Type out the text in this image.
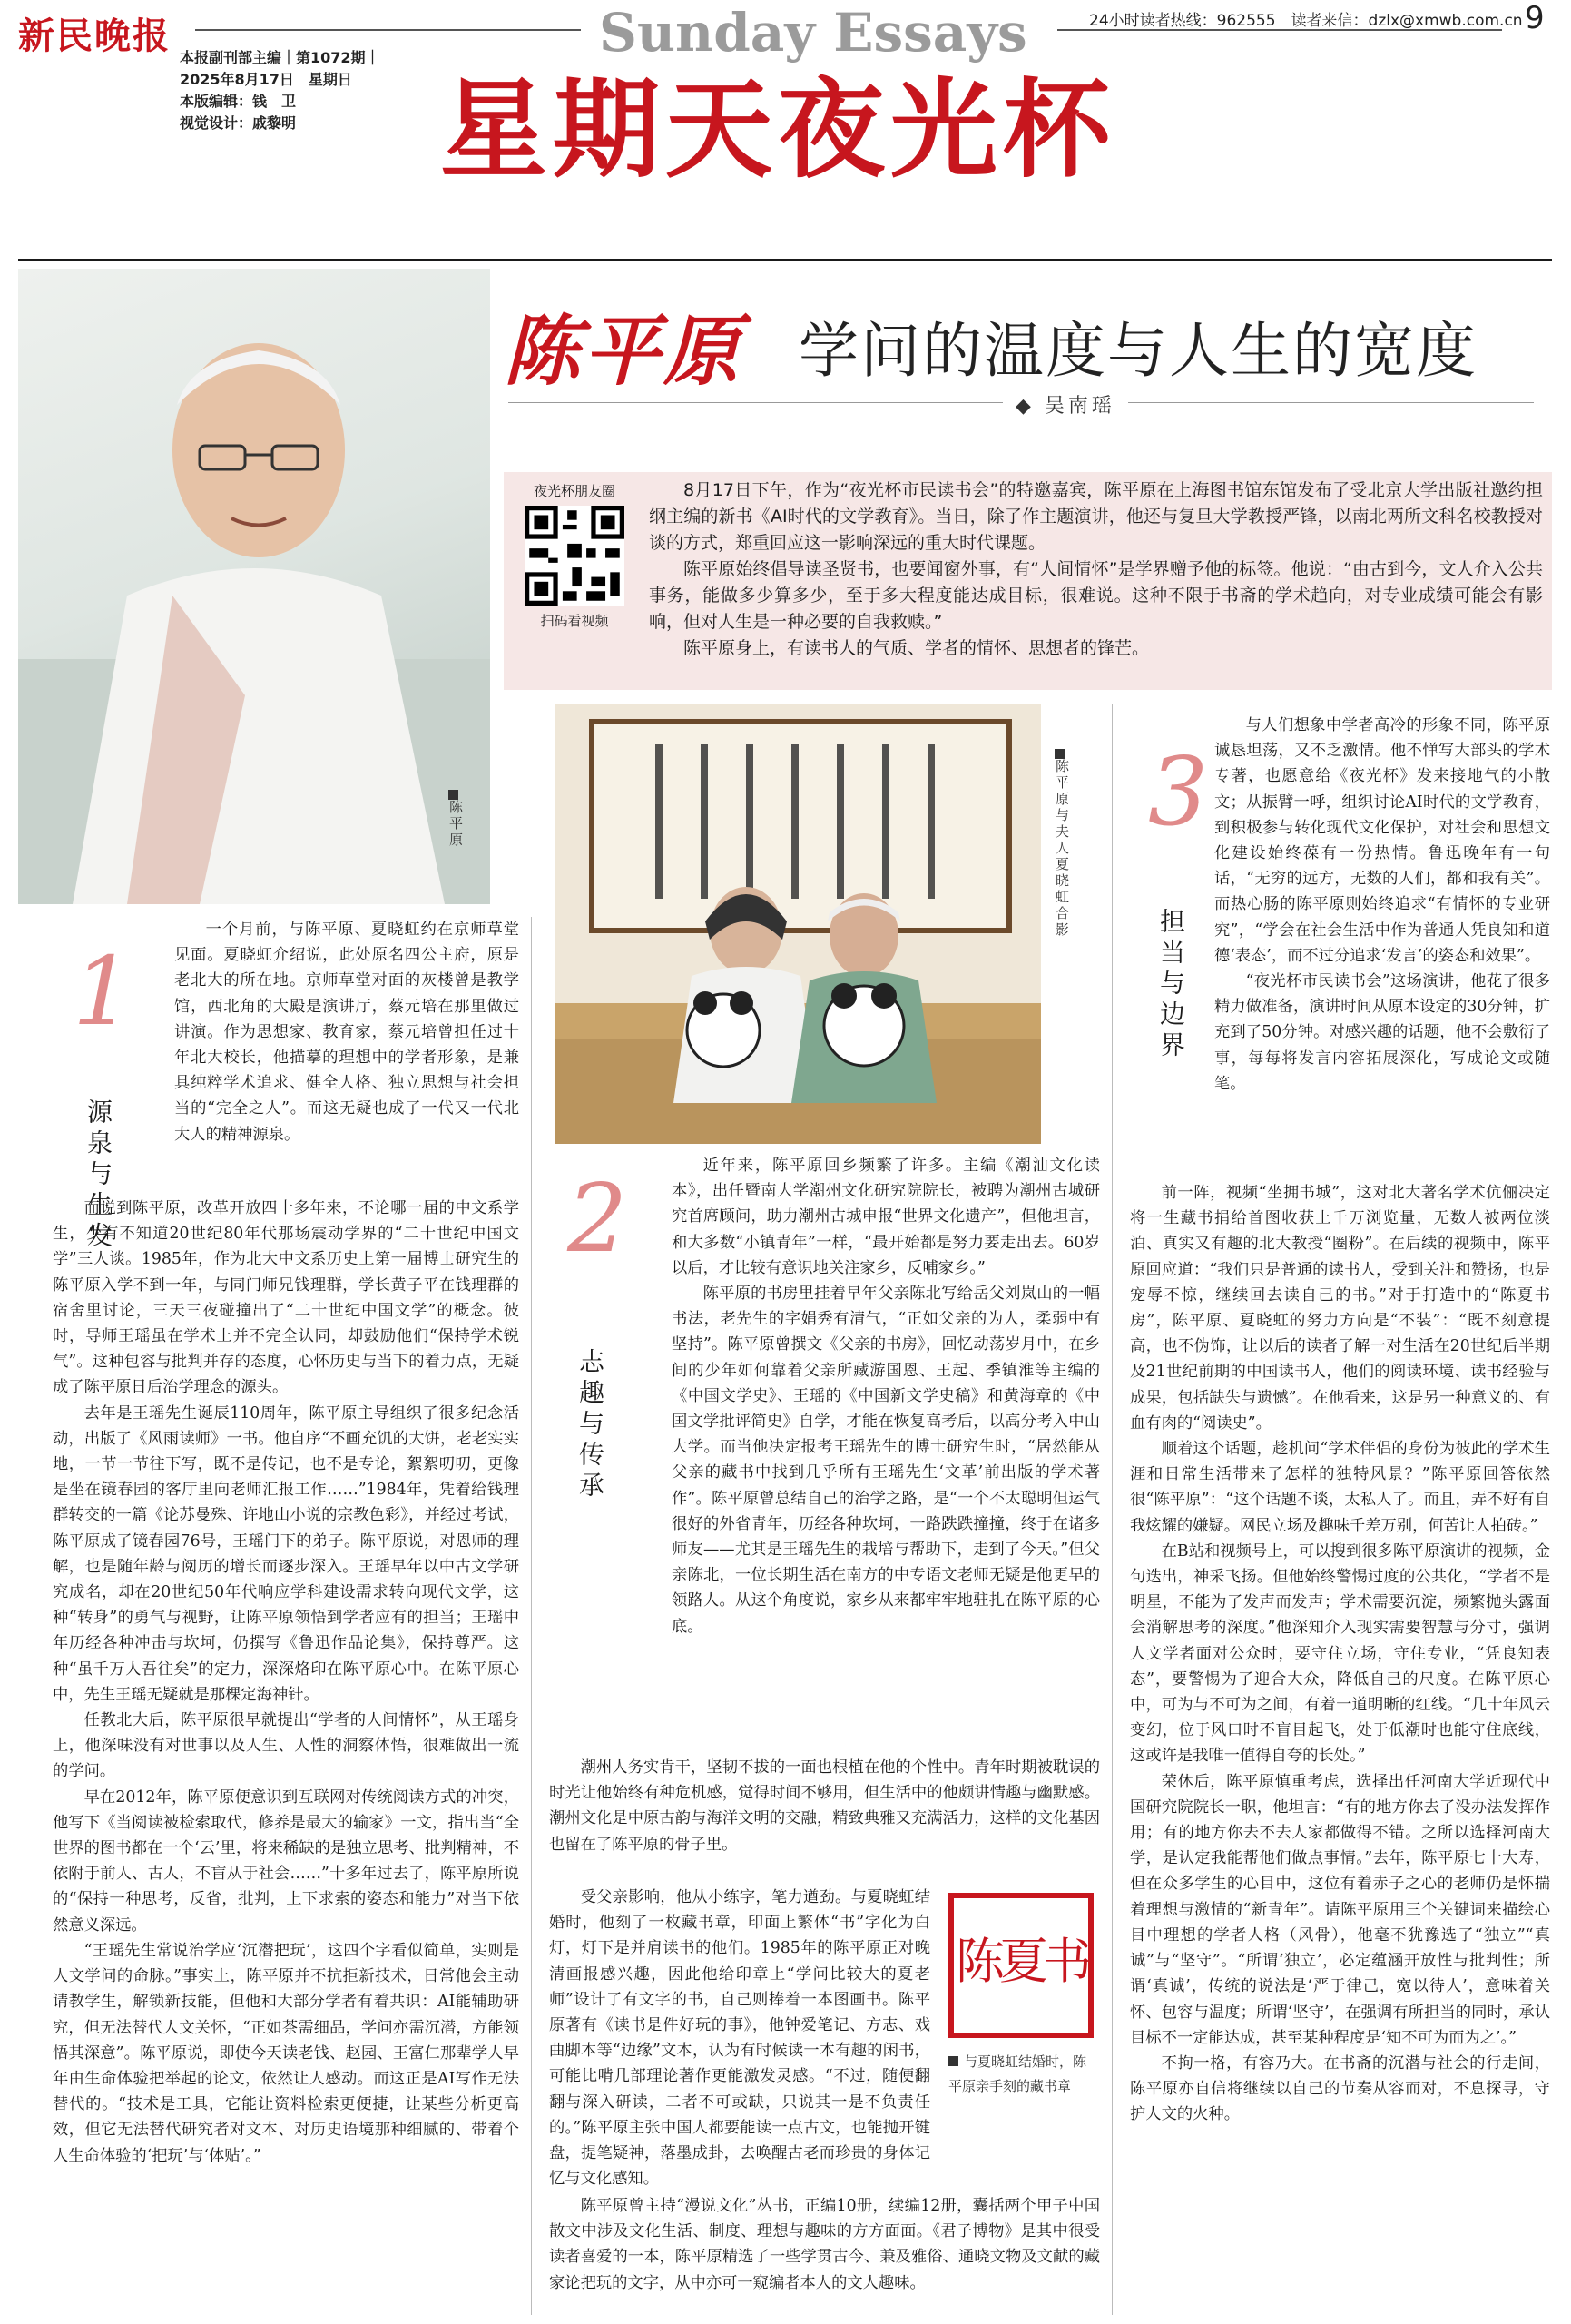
新民晚报	Sunday Essays	24小时读者热线：962555　读者来信：dzlx@xmwb.com.cn 9
本报副刊部主编｜第1072期｜
2025年8月17日　星期日
本版编辑：钱　卫
视觉设计：戚黎明	星期天夜光杯
陈平原
陈平原 学问的温度与人生的宽度
◆ 吴南瑶
夜光杯朋友圈
扫码看视频

8月17日下午，作为“夜光杯市民读书会”的特邀嘉宾，陈平原在上海图书馆东馆发布了受北京大学出版社邀约担纲主编的新书《AI时代的文学教育》。当日，除了作主题演讲，他还与复旦大学教授严锋，以南北两所文科名校教授对谈的方式，郑重回应这一影响深远的重大时代课题。

陈平原始终倡导读圣贤书，也要闻窗外事，有“人间情怀”是学界赠予他的标签。他说：“由古到今，文人介入公共事务，能做多少算多少，至于多大程度能达成目标，很难说。这种不限于书斋的学术趋向，对专业成绩可能会有影响，但对人生是一种必要的自我救赎。”

陈平原身上，有读书人的气质、学者的情怀、思想者的锋芒。

陈平原与夫人夏晓虹合影
1
源泉与生发

一个月前，与陈平原、夏晓虹约在京师草堂见面。夏晓虹介绍说，此处原名四公主府，原是老北大的所在地。京师草堂对面的灰楼曾是教学馆，西北角的大殿是演讲厅，蔡元培在那里做过讲演。作为思想家、教育家，蔡元培曾担任过十年北大校长，他描摹的理想中的学者形象，是兼具纯粹学术追求、健全人格、独立思想与社会担当的“完全之人”。而这无疑也成了一代又一代北大人的精神源泉。

而说到陈平原，改革开放四十多年来，不论哪一届的中文系学生，少有不知道20世纪80年代那场震动学界的“二十世纪中国文学”三人谈。1985年，作为北大中文系历史上第一届博士研究生的陈平原入学不到一年，与同门师兄钱理群，学长黄子平在钱理群的宿舍里讨论，三天三夜碰撞出了“二十世纪中国文学”的概念。彼时，导师王瑶虽在学术上并不完全认同，却鼓励他们“保持学术锐气”。这种包容与批判并存的态度，心怀历史与当下的着力点，无疑成了陈平原日后治学理念的源头。

去年是王瑶先生诞辰110周年，陈平原主导组织了很多纪念活动，出版了《风雨读师》一书。他自序“不画充饥的大饼，老老实实地，一节一节往下写，既不是传记，也不是专论，絮絮叨叨，更像是坐在镜春园的客厅里向老师汇报工作……”1984年，凭着给钱理群转交的一篇《论苏曼殊、许地山小说的宗教色彩》，并经过考试，陈平原成了镜春园76号，王瑶门下的弟子。陈平原说，对恩师的理解，也是随年龄与阅历的增长而逐步深入。王瑶早年以中古文学研究成名，却在20世纪50年代响应学科建设需求转向现代文学，这种“转身”的勇气与视野，让陈平原领悟到学者应有的担当；王瑶中年历经各种冲击与坎坷，仍撰写《鲁迅作品论集》，保持尊严。这种“虽千万人吾往矣”的定力，深深烙印在陈平原心中。在陈平原心中，先生王瑶无疑就是那棵定海神针。

任教北大后，陈平原很早就提出“学者的人间情怀”，从王瑶身上，他深味没有对世事以及人生、人性的洞察体悟，很难做出一流的学问。

早在2012年，陈平原便意识到互联网对传统阅读方式的冲突，他写下《当阅读被检索取代，修养是最大的输家》一文，指出当“全世界的图书都在一个‘云’里，将来稀缺的是独立思考、批判精神，不依附于前人、古人，不盲从于社会……”十多年过去了，陈平原所说的“保持一种思考，反省，批判，上下求索的姿态和能力”对当下依然意义深远。

“王瑶先生常说治学应‘沉潜把玩’，这四个字看似简单，实则是人文学问的命脉。”事实上，陈平原并不抗拒新技术，日常他会主动请教学生，解锁新技能，但他和大部分学者有着共识：AI能辅助研究，但无法替代人文关怀，“正如茶需细品，学问亦需沉潜，方能领悟其深意”。陈平原说，即使今天读老钱、赵园、王富仁那辈学人早年由生命体验把举起的论文，依然让人感动。而这正是AI写作无法替代的。“技术是工具，它能让资料检索更便捷，让某些分析更高效，但它无法替代研究者对文本、对历史语境那种细腻的、带着个人生命体验的‘把玩’与‘体贴’。”

2
志趣与传承

近年来，陈平原回乡频繁了许多。主编《潮汕文化读本》，出任暨南大学潮州文化研究院院长，被聘为潮州古城研究首席顾问，助力潮州古城申报“世界文化遗产”，但他坦言，和大多数“小镇青年”一样，“最开始都是努力要走出去。60岁以后，才比较有意识地关注家乡，反哺家乡。”

陈平原的书房里挂着早年父亲陈北写给岳父刘岚山的一幅书法，老先生的字娟秀有清气，“正如父亲的为人，柔弱中有坚持”。陈平原曾撰文《父亲的书房》，回忆动荡岁月中，在乡间的少年如何靠着父亲所藏游国恩、王起、季镇淮等主编的《中国文学史》、王瑶的《中国新文学史稿》和黄海章的《中国文学批评简史》自学，才能在恢复高考后，以高分考入中山大学。而当他决定报考王瑶先生的博士研究生时，“居然能从父亲的藏书中找到几乎所有王瑶先生‘文革’前出版的学术著作”。陈平原曾总结自己的治学之路，是“一个不太聪明但运气很好的外省青年，历经各种坎坷，一路跌跌撞撞，终于在诸多师友——尤其是王瑶先生的栽培与帮助下，走到了今天。”但父亲陈北，一位长期生活在南方的中专语文老师无疑是他更早的领路人。从这个角度说，家乡从来都牢牢地驻扎在陈平原的心底。

潮州人务实肯干，坚韧不拔的一面也根植在他的个性中。青年时期被耽误的时光让他始终有种危机感，觉得时间不够用，但生活中的他颇讲情趣与幽默感。潮州文化是中原古韵与海洋文明的交融，精致典雅又充满活力，这样的文化基因也留在了陈平原的骨子里。

受父亲影响，他从小练字，笔力遒劲。与夏晓虹结婚时，他刻了一枚藏书章，印面上繁体“书”字化为白灯，灯下是并肩读书的他们。1985年的陈平原正对晚清画报感兴趣，因此他给印章上“学问比较大的夏老师”设计了有文字的书，自己则捧着一本图画书。陈平原著有《读书是件好玩的事》，他钟爱笔记、方志、戏曲脚本等“边缘”文本，认为有时候读一本有趣的闲书，可能比啃几部理论著作更能激发灵感。“不过，随便翻翻与深入研读，二者不可或缺，只说其一是不负责任的。”陈平原主张中国人都要能读一点古文，也能抛开键盘，提笔疑神，落墨成卦，去唤醒古老而珍贵的身体记忆与文化感知。

陈平原曾主持“漫说文化”丛书，正编10册，续编12册，囊括两个甲子中国散文中涉及文化生活、制度、理想与趣味的方方面面。《君子博物》是其中很受读者喜爱的一本，陈平原精选了一些学贯古今、兼及雅俗、通晓文物及文献的藏家论把玩的文字，从中亦可一窥编者本人的文人趣味。

陈夏书
与夏晓虹结婚时，陈平原亲手刻的藏书章
3
担当与边界

与人们想象中学者高冷的形象不同，陈平原诚恳坦荡，又不乏激情。他不惮写大部头的学术专著，也愿意给《夜光杯》发来接地气的小散文；从振臂一呼，组织讨论AI时代的文学教育，到积极参与转化现代文化保护，对社会和思想文化建设始终葆有一份热情。鲁迅晚年有一句话，“无穷的远方，无数的人们，都和我有关”。而热心肠的陈平原则始终追求“有情怀的专业研究”，“学会在社会生活中作为普通人凭良知和道德‘表态’，而不过分追求‘发言’的姿态和效果”。

“夜光杯市民读书会”这场演讲，他花了很多精力做准备，演讲时间从原本设定的30分钟，扩充到了50分钟。对感兴趣的话题，他不会敷衍了事，每每将发言内容拓展深化，写成论文或随笔。

前一阵，视频“坐拥书城”，这对北大著名学术伉俪决定将一生藏书捐给首图收获上千万浏览量，无数人被两位淡泊、真实又有趣的北大教授“圈粉”。在后续的视频中，陈平原回应道：“我们只是普通的读书人，受到关注和赞扬，也是宠辱不惊，继续回去读自己的书。”对于打造中的“陈夏书房”，陈平原、夏晓虹的努力方向是“不装”：“既不刻意提高，也不伪饰，让以后的读者了解一对生活在20世纪后半期及21世纪前期的中国读书人，他们的阅读环境、读书经验与成果，包括缺失与遗憾”。在他看来，这是另一种意义的、有血有肉的“阅读史”。

顺着这个话题，趁机问“学术伴侣的身份为彼此的学术生涯和日常生活带来了怎样的独特风景？”陈平原回答依然很“陈平原”：“这个话题不谈，太私人了。而且，弄不好有自我炫耀的嫌疑。网民立场及趣味千差万别，何苦让人拍砖。”

在B站和视频号上，可以搜到很多陈平原演讲的视频，金句迭出，神采飞扬。但他始终警惕过度的公共化，“学者不是明星，不能为了发声而发声；学术需要沉淀，频繁抛头露面会消解思考的深度。”他深知介入现实需要智慧与分寸，强调人文学者面对公众时，要守住立场，守住专业，“凭良知表态”，要警惕为了迎合大众，降低自己的尺度。在陈平原心中，可为与不可为之间，有着一道明晰的红线。“几十年风云变幻，位于风口时不盲目起飞，处于低潮时也能守住底线，这或许是我唯一值得自夸的长处。”

荣休后，陈平原慎重考虑，选择出任河南大学近现代中国研究院院长一职，他坦言：“有的地方你去了没办法发挥作用；有的地方你去不去人家都做得不错。之所以选择河南大学，是认定我能帮他们做点事情。”去年，陈平原七十大寿，但在众多学生的心目中，这位有着赤子之心的老师仍是怀揣着理想与激情的“新青年”。请陈平原用三个关键词来描绘心目中理想的学者人格（风骨），他毫不犹豫选了“独立”“真诚”与“坚守”。“所谓‘独立’，必定蕴涵开放性与批判性；所谓‘真诚’，传统的说法是‘严于律己，宽以待人’，意味着关怀、包容与温度；所谓‘坚守’，在强调有所担当的同时，承认目标不一定能达成，甚至某种程度是‘知不可为而为之’。”

不拘一格，有容乃大。在书斋的沉潜与社会的行走间，陈平原亦自信将继续以自己的节奏从容而对，不息探寻，守护人文的火种。
